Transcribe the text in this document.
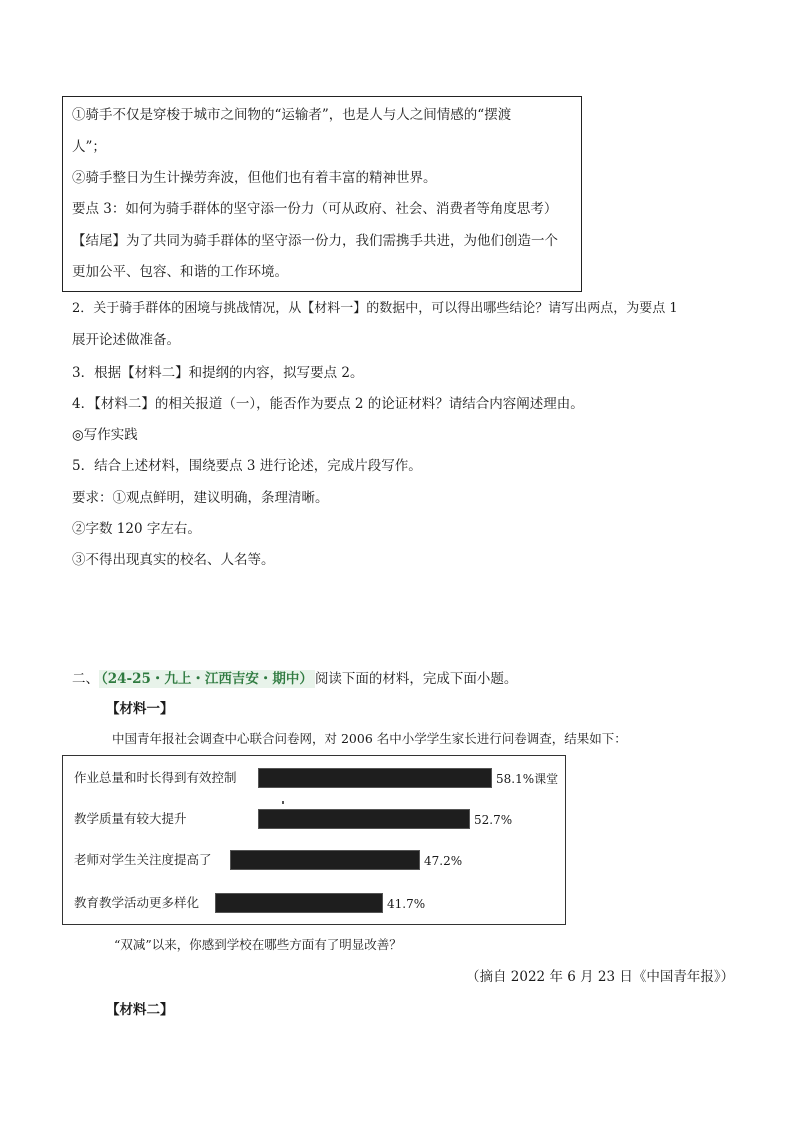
①骑手不仅是穿梭于城市之间物的“运输者”，也是人与人之间情感的“摆渡
人”；
②骑手整日为生计操劳奔波，但他们也有着丰富的精神世界。
要点 3：如何为骑手群体的坚守添一份力（可从政府、社会、消费者等角度思考）
【结尾】为了共同为骑手群体的坚守添一份力，我们需携手共进，为他们创造一个
更加公平、包容、和谐的工作环境。
2．关于骑手群体的困境与挑战情况，从【材料一】的数据中，可以得出哪些结论？请写出两点，为要点 1
展开论述做准备。
3．根据【材料二】和提纲的内容，拟写要点 2。
4．【材料二】的相关报道（一），能否作为要点 2 的论证材料？请结合内容阐述理由。
◎写作实践
5．结合上述材料，围绕要点 3 进行论述，完成片段写作。
要求：①观点鲜明，建议明确，条理清晰。
②字数 120 字左右。
③不得出现真实的校名、人名等。
二、 （24-25・九上・江西吉安・期中） 阅读下面的材料，完成下面小题。
【材料一】
中国青年报社会调查中心联合问卷网，对 2006 名中小学学生家长进行问卷调查，结果如下：
作业总量和时长得到有效控制	58.1%课堂
教学质量有较大提升	52.7%
老师对学生关注度提高了	47.2%
教育教学活动更多样化	41.7%
“双减”以来，你感到学校在哪些方面有了明显改善？
（摘自 2022 年 6 月 23 日《中国青年报》）
【材料二】
